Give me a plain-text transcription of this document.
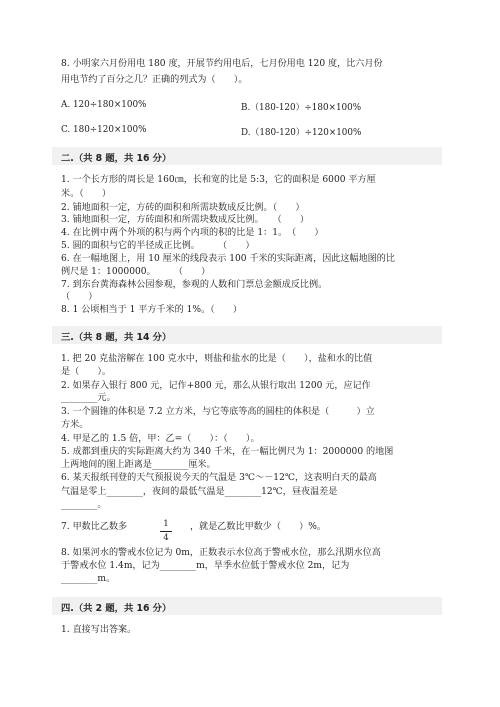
8. 小明家六月份用电 180 度，开展节约用电后，七月份用电 120 度，比六月份
用电节约了百分之几？正确的列式为（　　）。
A. 120÷180×100%	B.（180-120）÷180×100%
C. 180÷120×100%	D.（180-120）÷120×100%
二.（共 8 题，共 16 分）
1. 一个长方形的周长是 160㎝，长和宽的比是 5:3，它的面积是 6000 平方厘
米。（　　）
2. 铺地面积一定，方砖的面积和所需块数成反比例。（　　）
3. 铺地面积一定，方砖面积和所需块数成反比例。　　（　　）
4. 在比例中两个外项的积与两个内项的积的比是 1：1。　（　　）
5. 圆的面积与它的半径成正比例。　　　（　　）
6. 在一幅地图上，用 10 厘米的线段表示 100 千米的实际距离，因此这幅地图的比
例尺是 1：1000000。　　　（　　）
7. 到东台黄海森林公园参观，参观的人数和门票总金额成反比例。
（　　）
8. 1 公顷相当于 1 平方千米的 1%。（　　）
三.（共 8 题，共 14 分）
1. 把 20 克盐溶解在 100 克水中，则盐和盐水的比是（　　），盐和水的比值
是（　　）。
2. 如果存入银行 800 元，记作+800 元，那么从银行取出 1200 元，应记作
________元。
3. 一个圆锥的体积是 7.2 立方米，与它等底等高的圆柱的体积是（　　　）立
方米。
4. 甲是乙的 1.5 倍，甲：乙=（　　）：（　　）。
5. 成都到重庆的实际距离大约为 340 千米，在一幅比例尺为 1：2000000 的地图
上两地间的图上距离是________厘米。
6. 某天报纸刊登的天气预报说今天的气温是 3℃～－12℃，这表明白天的最高
气温是零上________，夜间的最低气温是________12℃，昼夜温差是
________。
7. 甲数比乙数多	1
4
，就是乙数比甲数少（　　）%。
8. 如果河水的警戒水位记为 0m，正数表示水位高于警戒水位，那么汛期水位高
于警戒水位 1.4m，记为________m，旱季水位低于警戒水位 2m，记为
________m。
四.（共 2 题，共 16 分）
1. 直接写出答案。
